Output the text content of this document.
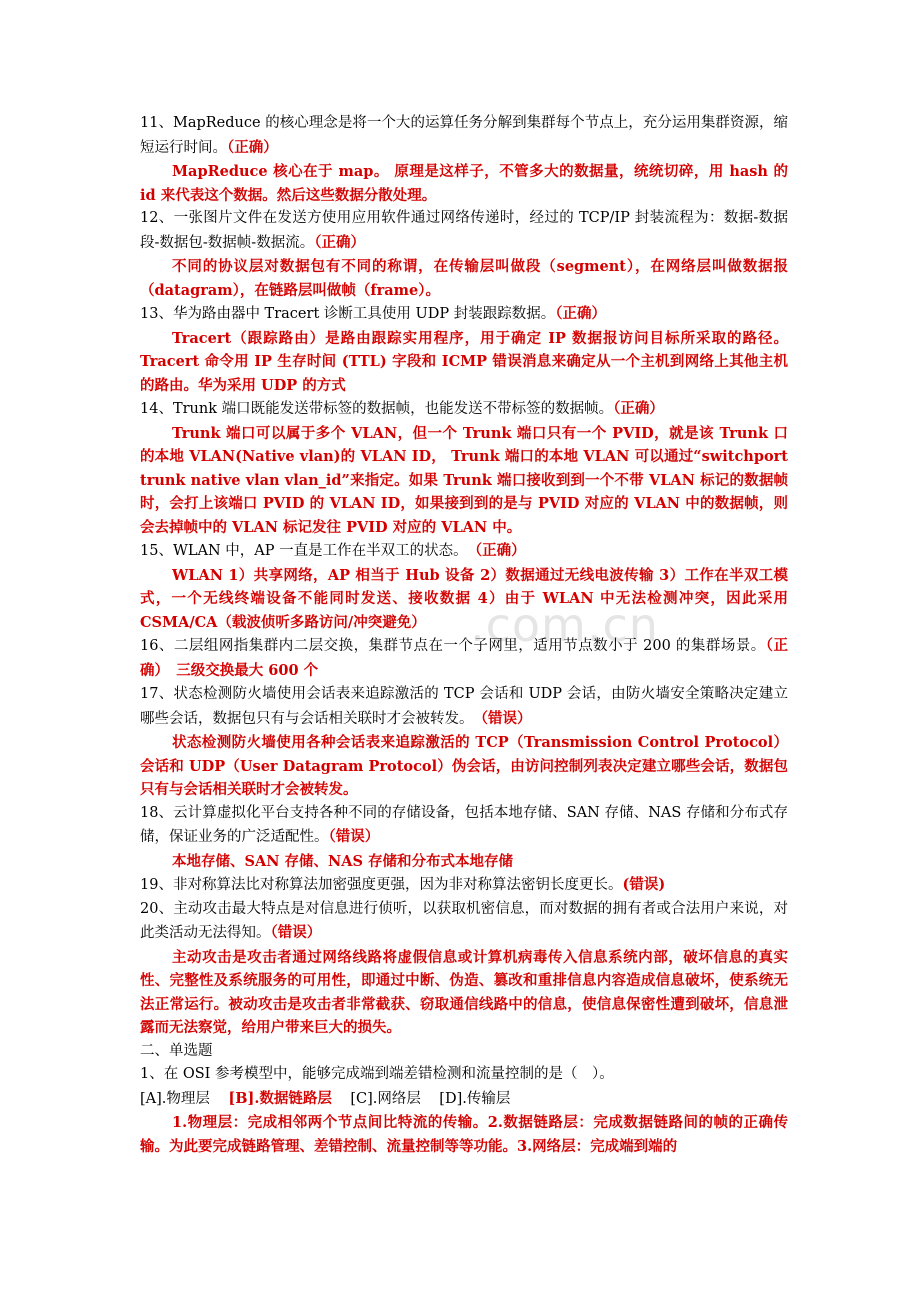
.com.cn

11、MapReduce 的核心理念是将一个大的运算任务分解到集群每个节点上，充分运用集群资源，缩短运行时间。（正确）

MapReduce 核心在于 map。 原理是这样子，不管多大的数据量，统统切碎，用 hash 的 id 来代表这个数据。然后这些数据分散处理。

12、一张图片文件在发送方使用应用软件通过网络传递时，经过的 TCP/IP 封装流程为：数据-数据段-数据包-数据帧-数据流。（正确）

不同的协议层对数据包有不同的称谓，在传输层叫做段（segment），在网络层叫做数据报（datagram），在链路层叫做帧（frame）。

13、华为路由器中 Tracert 诊断工具使用 UDP 封装跟踪数据。（正确）

Tracert（跟踪路由）是路由跟踪实用程序，用于确定 IP 数据报访问目标所采取的路径。Tracert 命令用 IP 生存时间 (TTL) 字段和 ICMP 错误消息来确定从一个主机到网络上其他主机的路由。华为采用 UDP 的方式

14、Trunk 端口既能发送带标签的数据帧，也能发送不带标签的数据帧。（正确）

Trunk 端口可以属于多个 VLAN，但一个 Trunk 端口只有一个 PVID，就是该 Trunk 口的本地 VLAN(Native vlan)的 VLAN ID， Trunk 端口的本地 VLAN 可以通过“switchport trunk native vlan vlan_id”来指定。如果 Trunk 端口接收到到一个不带 VLAN 标记的数据帧时，会打上该端口 PVID 的 VLAN ID，如果接到到的是与 PVID 对应的 VLAN 中的数据帧，则会去掉帧中的 VLAN 标记发往 PVID 对应的 VLAN 中。

15、WLAN 中，AP 一直是工作在半双工的状态。　（正确）

WLAN 1）共享网络，AP 相当于 Hub 设备 2）数据通过无线电波传输 3）工作在半双工模式，一个无线终端设备不能同时发送、接收数据 4）由于 WLAN 中无法检测冲突，因此采用 CSMA/CA（载波侦听多路访问/冲突避免）

16、二层组网指集群内二层交换，集群节点在一个子网里，适用节点数小于 200 的集群场景。（正确）　 三级交换最大 600 个

17、状态检测防火墙使用会话表来追踪激活的 TCP 会话和 UDP 会话，由防火墙安全策略决定建立哪些会话，数据包只有与会话相关联时才会被转发。　（错误）

状态检测防火墙使用各种会话表来追踪激活的 TCP（Transmission Control Protocol）会话和 UDP（User Datagram Protocol）伪会话，由访问控制列表决定建立哪些会话，数据包只有与会话相关联时才会被转发。

18、云计算虚拟化平台支持各种不同的存储设备，包括本地存储、SAN 存储、NAS 存储和分布式存储，保证业务的广泛适配性。（错误）

本地存储、SAN 存储、NAS 存储和分布式本地存储

19、非对称算法比对称算法加密强度更强，因为非对称算法密钥长度更长。(错误)

20、主动攻击最大特点是对信息进行侦听，以获取机密信息，而对数据的拥有者或合法用户来说，对此类活动无法得知。（错误）

主动攻击是攻击者通过网络线路将虚假信息或计算机病毒传入信息系统内部，破坏信息的真实性、完整性及系统服务的可用性，即通过中断、伪造、篡改和重排信息内容造成信息破坏，使系统无法正常运行。被动攻击是攻击者非常截获、窃取通信线路中的信息，使信息保密性遭到破坏，信息泄露而无法察觉，给用户带来巨大的损失。

二、单选题

1、在 OSI 参考模型中，能够完成端到端差错检测和流量控制的是（　）。

[A].物理层 [B].数据链路层 [C].网络层 [D].传输层

1.物理层：完成相邻两个节点间比特流的传输。2.数据链路层：完成数据链路间的帧的正确传输。为此要完成链路管理、差错控制、流量控制等等功能。3.网络层：完成端到端的
